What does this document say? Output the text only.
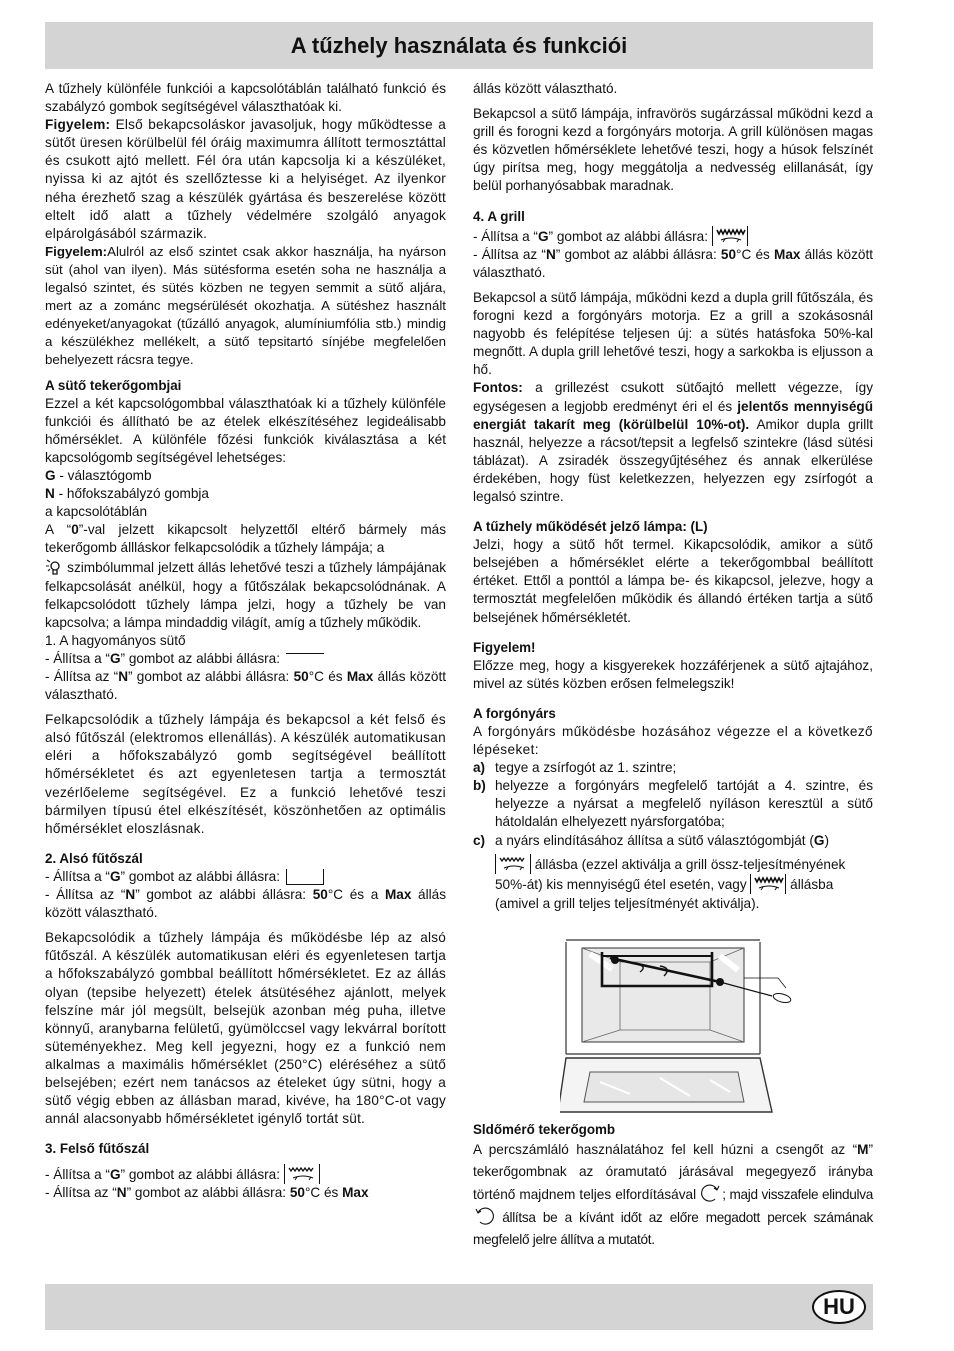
A tűzhely használata és funkciói

A tűzhely különféle funkciói a kapcsolótáblán található funkció és szabályzó gombok segítségével választhatóak ki.

Figyelem: Első bekapcsoláskor javasoljuk, hogy működtesse a sütőt üresen körülbelül fél óráig maximumra állított termosztáttal és csukott ajtó mellett. Fél óra után kapcsolja ki a készüléket, nyissa ki az ajtót és szellőztesse ki a helyiséget. Az ilyenkor néha érezhető szag a készülék gyártása és beszerelése között eltelt idő alatt a tűzhely védelmére szolgáló anyagok elpárolgásából származik.

Figyelem:Alulról az első szintet csak akkor használja, ha nyárson süt (ahol van ilyen). Más sütésforma esetén soha ne használja a legalsó szintet, és sütés közben ne tegyen semmit a sütő aljára, mert az a zománc megsérülését okozhatja. A sütéshez használt edényeket/anyagokat (tűzálló anyagok, alumíniumfólia stb.) mindig a készülékhez mellékelt, a sütő tepsitartó sínjébe megfelelően behelyezett rácsra tegye.

A sütő tekerőgombjai

Ezzel a két kapcsológombbal választhatóak ki a tűzhely különféle funkciói és állítható be az ételek elkészítéséhez legideálisabb hőmérséklet. A különféle főzési funkciók kiválasztása a két kapcsológomb segítségével lehetséges:

G - választógomb

N - hőfokszabályzó gombja

a kapcsolótáblán

A “0”-val jelzett kikapcsolt helyzettől eltérő bármely más tekerőgomb állláskor felkapcsolódik a tűzhely lámpája; a

szimbólummal jelzett állás lehetővé teszi a tűzhely lámpájának felkapcsolását anélkül, hogy a fűtőszálak bekapcsolódnának. A felkapcsolódott tűzhely lámpa jelzi, hogy a tűzhely be van kapcsolva; a lámpa mindaddig világít, amíg a tűzhely működik.

1. A hagyományos sütő

- Állítsa a “G” gombot az alábbi állásra:

- Állítsa az “N” gombot az alábbi állásra: 50°C és Max állás között választható.

Felkapcsolódik a tűzhely lámpája és bekapcsol a két felső és alsó fűtőszál (elektromos ellenállás). A készülék automatikusan eléri a hőfokszabályzó gomb segítségével beállított hőmérsékletet és azt egyenletesen tartja a termosztát vezérlőeleme segítségével. Ez a funkció lehetővé teszi bármilyen típusú étel elkészítését, köszönhetően az optimális hőmérséklet eloszlásnak.

2. Alsó fűtőszál

- Állítsa a “G” gombot az alábbi állásra:

- Állítsa az “N” gombot az alábbi állásra: 50°C és a Max állás között választható.

Bekapcsolódik a tűzhely lámpája és működésbe lép az alsó fűtőszál. A készülék automatikusan eléri és egyenletesen tartja a hőfokszabályzó gombbal beállított hőmérsékletet. Ez az állás olyan (tepsibe helyezett) ételek átsütéséhez ajánlott, melyek felszíne már jól megsült, belsejük azonban még puha, illetve könnyű, aranybarna felületű, gyümölccsel vagy lekvárral borított süteményekhez. Meg kell jegyezni, hogy ez a funkció nem alkalmas a maximális hőmérséklet (250°C) eléréséhez a sütő belsejében; ezért nem tanácsos az ételeket úgy sütni, hogy a sütő végig ebben az állásban marad, kivéve, ha 180°C-ot vagy annál alacsonyabb hőmérsékletet igénylő tortát süt.

3. Felső fűtőszál

- Állítsa a “G” gombot az alábbi állásra:

- Állítsa az “N” gombot az alábbi állásra: 50°C és Max

állás között választható.

Bekapcsol a sütő lámpája, infravörös sugárzással működni kezd a grill és forogni kezd a forgónyárs motorja. A grill különösen magas és közvetlen hőmérséklete lehetővé teszi, hogy a húsok felszínét úgy pirítsa meg, hogy meggátolja a nedvesség elillanását, így belül porhanyósabbak maradnak.

4. A grill

- Állítsa a “G” gombot az alábbi állásra:

- Állítsa az “N” gombot az alábbi állásra: 50°C és Max állás között választható.

Bekapcsol a sütő lámpája, működni kezd a dupla grill fűtőszála, és forogni kezd a forgónyárs motorja. Ez a grill a szokásosnál nagyobb és felépítése teljesen új: a sütés hatásfoka 50%-kal megnőtt. A dupla grill lehetővé teszi, hogy a sarkokba is eljusson a hő.

Fontos: a grillezést csukott sütőajtó mellett végezze, így egységesen a legjobb eredményt éri el és jelentős mennyiségű energiát takarít meg (körülbelül 10%-ot). Amikor dupla grillt használ, helyezze a rácsot/tepsit a legfelső szintekre (lásd sütési táblázat). A zsiradék összegyűjtéséhez és annak elkerülése érdekében, hogy füst keletkezzen, helyezzen egy zsírfogót a legalsó szintre.

A tűzhely működését jelző lámpa: (L)

Jelzi, hogy a sütő hőt termel. Kikapcsolódik, amikor a sütő belsejében a hőmérséklet elérte a tekerőgombbal beállított értéket. Ettől a ponttól a lámpa be- és kikapcsol, jelezve, hogy a termosztát megfelelően működik és állandó értéken tartja a sütő belsejének hőmérsékletét.

Figyelem!

Előzze meg, hogy a kisgyerekek hozzáférjenek a sütő ajtajához, mivel az sütés közben erősen felmelegszik!

A forgónyárs

A forgónyárs működésbe hozásához végezze el a következő lépéseket:

a) tegye a zsírfogót az 1. szintre;
b) helyezze a forgónyárs megfelelő tartóját a 4. szintre, és helyezze a nyársat a megfelelő nyíláson keresztül a sütő hátoldalán elhelyezett nyársforgatóba;
c) a nyárs elindításához állítsa a sütő választógombját (G)

állásba (ezzel aktiválja a grill össz-teljesítményének 50%-át) kis mennyiségű étel esetén, vagy	állásba (amivel a grill teljes teljesítményét aktiválja).

Sldőmérő tekerőgomb

A percszámláló használatához fel kell húzni a csengőt az “M” tekerőgombnak az óramutató járásával megegyező irányba történő majdnem teljes elfordításával ; majd visszafele elindulva  állítsa be a kívánt időt az előre megadott percek számának megfelelő jelre állítva a mutatót.

HU
